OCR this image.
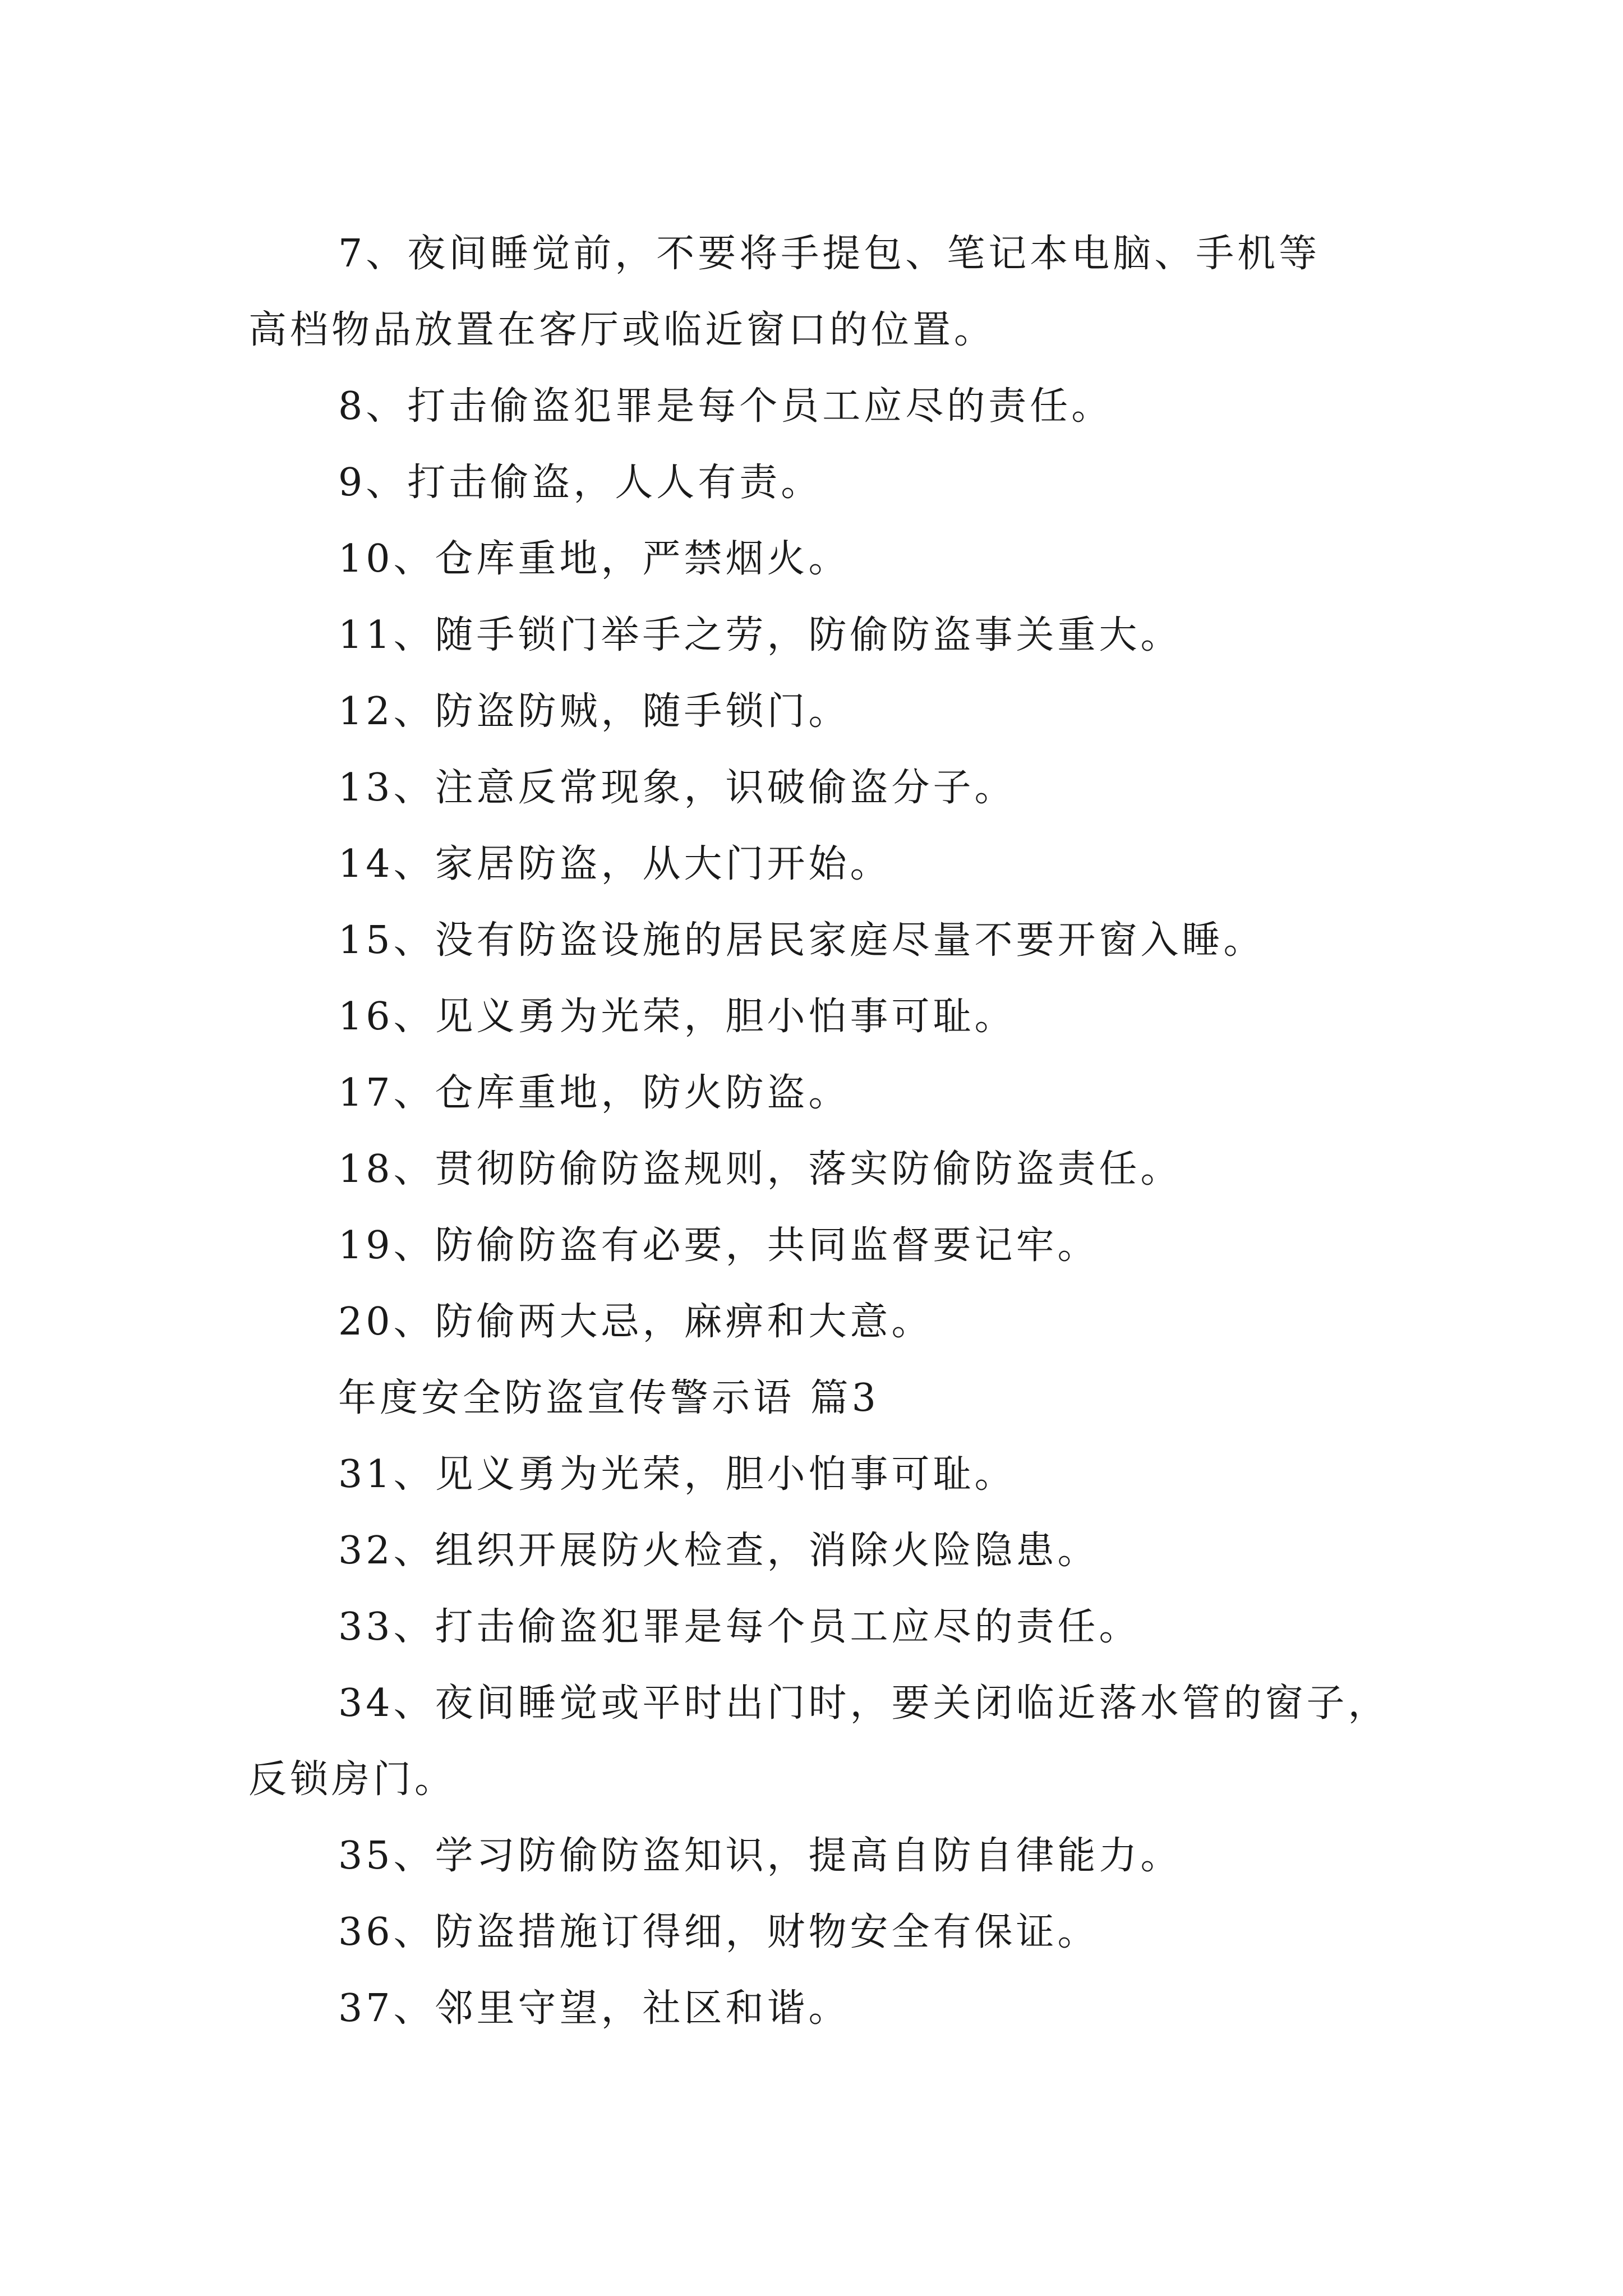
7、夜间睡觉前，不要将手提包、笔记本电脑、手机等
高档物品放置在客厅或临近窗口的位置。
8、打击偷盗犯罪是每个员工应尽的责任。
9、打击偷盗，人人有责。
10、仓库重地，严禁烟火。
11、随手锁门举手之劳，防偷防盗事关重大。
12、防盗防贼，随手锁门。
13、注意反常现象，识破偷盗分子。
14、家居防盗，从大门开始。
15、没有防盗设施的居民家庭尽量不要开窗入睡。
16、见义勇为光荣，胆小怕事可耻。
17、仓库重地，防火防盗。
18、贯彻防偷防盗规则，落实防偷防盗责任。
19、防偷防盗有必要，共同监督要记牢。
20、防偷两大忌，麻痹和大意。
年度安全防盗宣传警示语 篇3
31、见义勇为光荣，胆小怕事可耻。
32、组织开展防火检查，消除火险隐患。
33、打击偷盗犯罪是每个员工应尽的责任。
34、夜间睡觉或平时出门时，要关闭临近落水管的窗子，
反锁房门。
35、学习防偷防盗知识，提高自防自律能力。
36、防盗措施订得细，财物安全有保证。
37、邻里守望，社区和谐。
